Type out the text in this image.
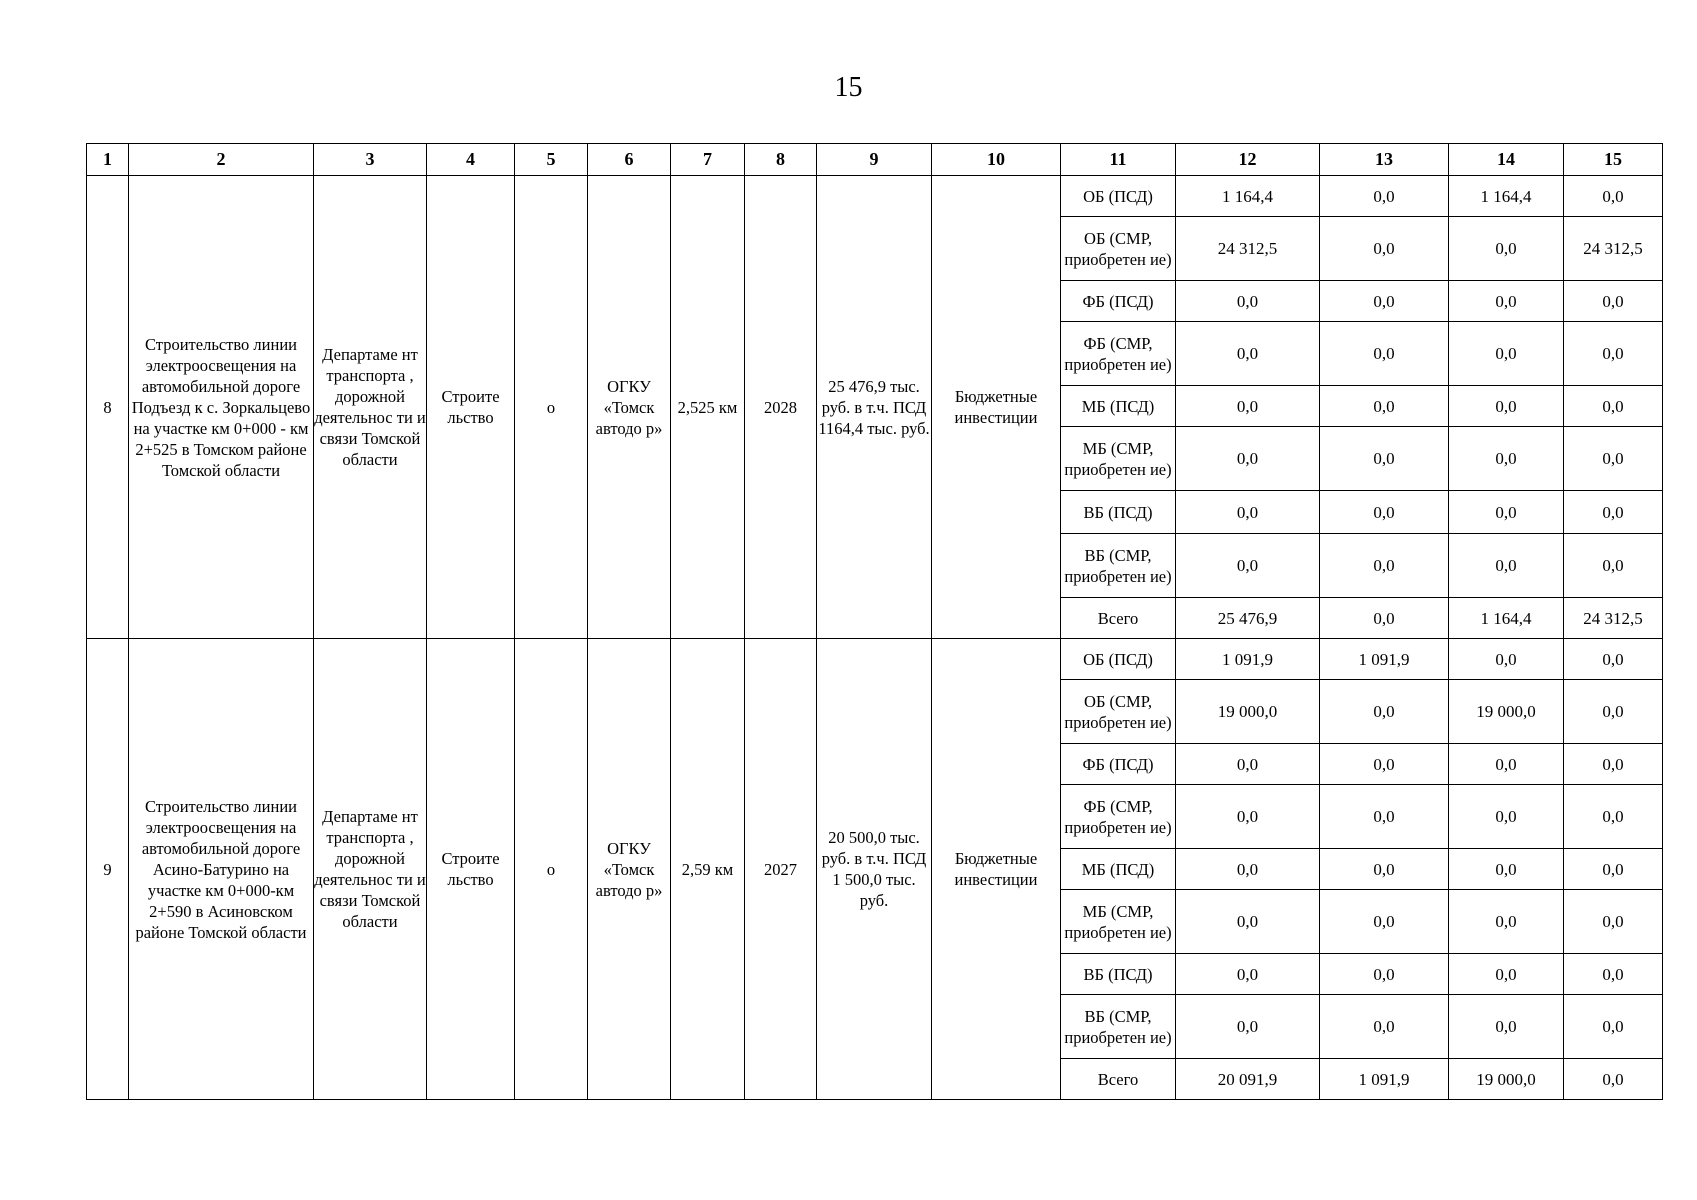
15
1	2	3	4	5	6	7	8	9	10	11	12	13	14	15
8	Строительство линии электроосвещения на автомобильной дороге Подъезд к с. Зоркальцево на участке км 0+000 - км 2+525 в Томском районе Томской области	Департаме нт транспорта , дорожной деятельнос ти и связи Томской области	Строите льство	о	ОГКУ «Томск автодо р»	2,525 км	2028	25 476,9 тыс. руб. в т.ч. ПСД 1164,4 тыс. руб.	Бюджетные инвестиции	ОБ (ПСД)	1 164,4	0,0	1 164,4	0,0
										ОБ (СМР, приобретен ие)	24 312,5	0,0	0,0	24 312,5
										ФБ (ПСД)	0,0	0,0	0,0	0,0
										ФБ (СМР, приобретен ие)	0,0	0,0	0,0	0,0
										МБ (ПСД)	0,0	0,0	0,0	0,0
										МБ (СМР, приобретен ие)	0,0	0,0	0,0	0,0
										ВБ (ПСД)	0,0	0,0	0,0	0,0
										ВБ (СМР, приобретен ие)	0,0	0,0	0,0	0,0
										Всего	25 476,9	0,0	1 164,4	24 312,5
9	Строительство линии электроосвещения на автомобильной дороге Асино-Батурино на участке км 0+000-км 2+590 в Асиновском районе Томской области	Департаме нт транспорта , дорожной деятельнос ти и связи Томской области	Строите льство	о	ОГКУ «Томск автодо р»	2,59 км	2027	20 500,0 тыс. руб. в т.ч. ПСД 1 500,0 тыс. руб.	Бюджетные инвестиции	ОБ (ПСД)	1 091,9	1 091,9	0,0	0,0
										ОБ (СМР, приобретен ие)	19 000,0	0,0	19 000,0	0,0
										ФБ (ПСД)	0,0	0,0	0,0	0,0
										ФБ (СМР, приобретен ие)	0,0	0,0	0,0	0,0
										МБ (ПСД)	0,0	0,0	0,0	0,0
										МБ (СМР, приобретен ие)	0,0	0,0	0,0	0,0
										ВБ (ПСД)	0,0	0,0	0,0	0,0
										ВБ (СМР, приобретен ие)	0,0	0,0	0,0	0,0
										Всего	20 091,9	1 091,9	19 000,0	0,0
